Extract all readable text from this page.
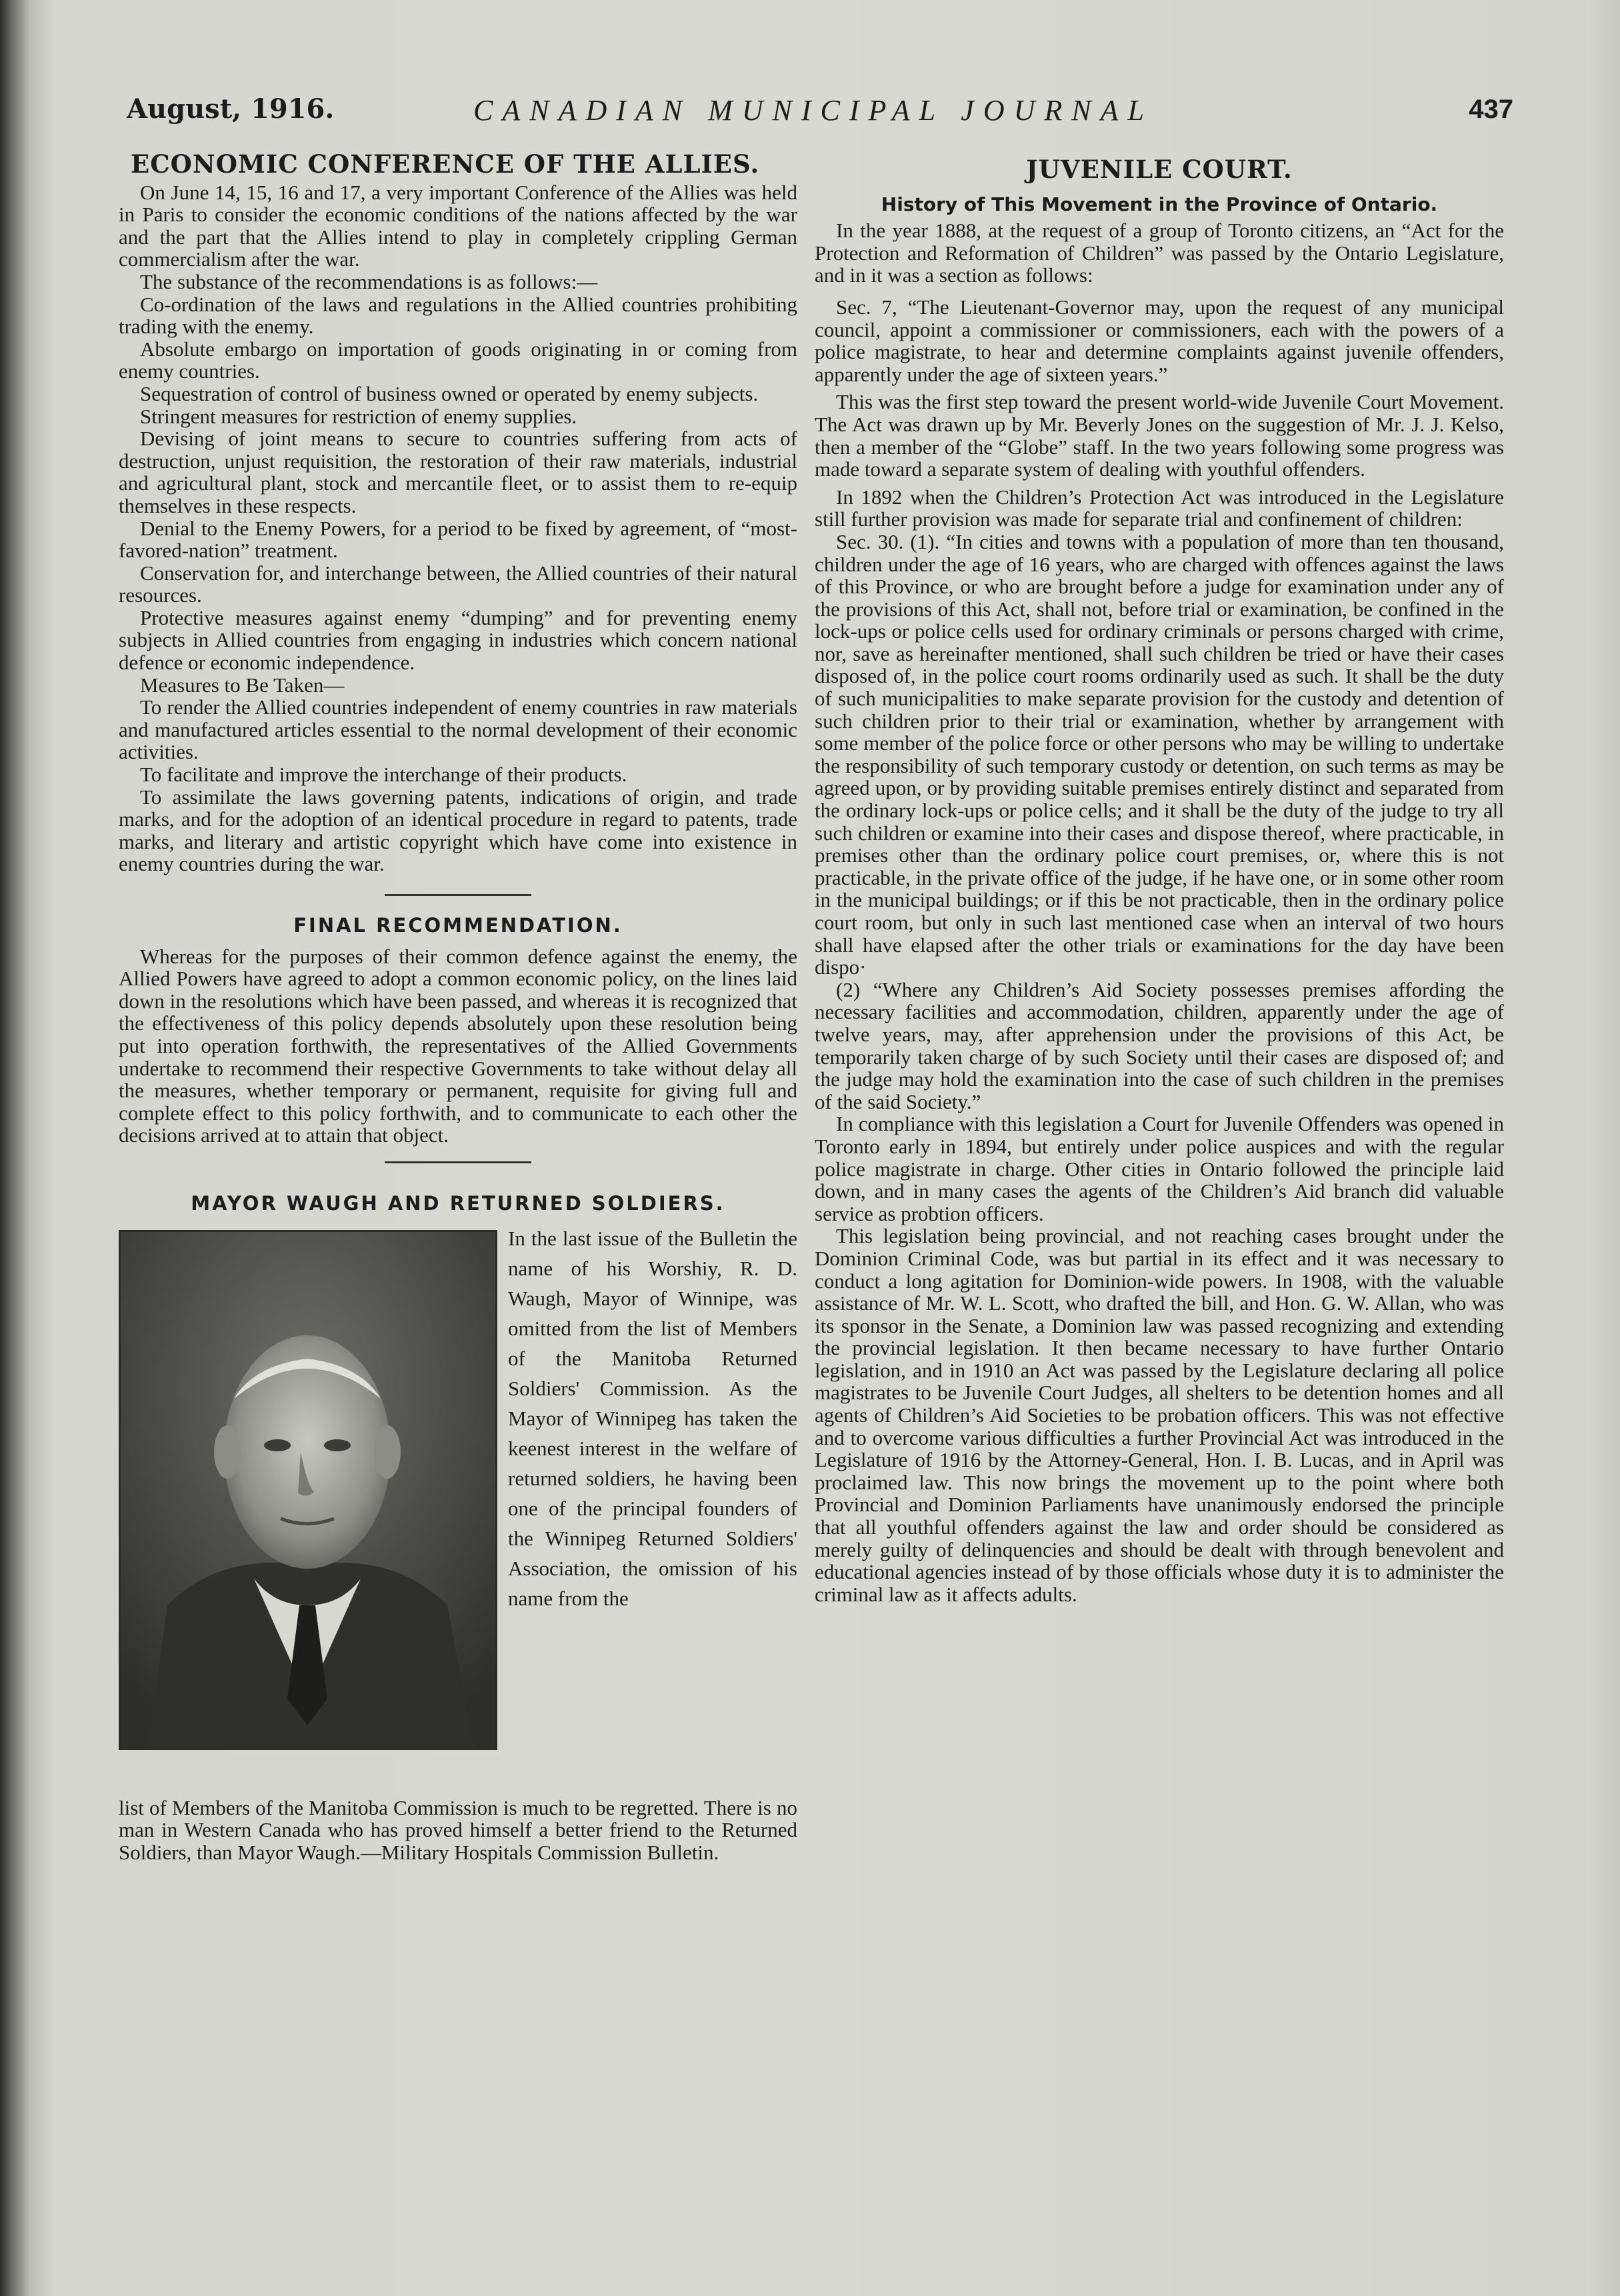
August, 1916.	CANADIAN MUNICIPAL JOURNAL	437
ECONOMIC CONFERENCE OF THE ALLIES.

On June 14, 15, 16 and 17, a very important Conference of the Allies was held in Paris to consider the economic conditions of the nations affected by the war and the part that the Allies intend to play in completely crippling German commercialism after the war.

The substance of the recommendations is as follows:—

Co-ordination of the laws and regulations in the Allied countries prohibiting trading with the enemy.

Absolute embargo on importation of goods originating in or coming from enemy countries.

Sequestration of control of business owned or operated by enemy subjects.

Stringent measures for restriction of enemy supplies.

Devising of joint means to secure to countries suffering from acts of destruction, unjust requisition, the restoration of their raw materials, industrial and agricultural plant, stock and mercantile fleet, or to assist them to re-equip themselves in these respects.

Denial to the Enemy Powers, for a period to be fixed by agreement, of “most-favored-nation” treatment.

Conservation for, and interchange between, the Allied countries of their natural resources.

Protective measures against enemy “dumping” and for preventing enemy subjects in Allied countries from engaging in industries which concern national defence or economic independence.

Measures to Be Taken—

To render the Allied countries independent of enemy countries in raw materials and manufactured articles essential to the normal development of their economic activities.

To facilitate and improve the interchange of their products.

To assimilate the laws governing patents, indications of origin, and trade marks, and for the adoption of an identical procedure in regard to patents, trade marks, and literary and artistic copyright which have come into existence in enemy countries during the war.

FINAL RECOMMENDATION.

Whereas for the purposes of their common defence against the enemy, the Allied Powers have agreed to adopt a common economic policy, on the lines laid down in the resolutions which have been passed, and whereas it is recognized that the effectiveness of this policy depends absolutely upon these resolution being put into operation forthwith, the representatives of the Allied Governments undertake to recommend their respective Governments to take without delay all the measures, whether temporary or permanent, requisite for giving full and complete effect to this policy forthwith, and to communicate to each other the decisions arrived at to attain that object.

MAYOR WAUGH AND RETURNED SOLDIERS.
In the last issue of the Bulletin the name of his Worshiy, R. D. Waugh, Mayor of Winnipe, was omitted from the list of Members of the Manitoba Returned Soldiers' Commission. As the Mayor of Winnipeg has taken the keenest interest in the welfare of returned soldiers, he having been one of the principal founders of the Winnipeg Returned Soldiers' Association, the omission of his name from the

list of Members of the Manitoba Commission is much to be regretted. There is no man in Western Canada who has proved himself a better friend to the Returned Soldiers, than Mayor Waugh.—Military Hospitals Commission Bulletin.

JUVENILE COURT.
History of This Movement in the Province of Ontario.

In the year 1888, at the request of a group of Toronto citizens, an “Act for the Protection and Reformation of Children” was passed by the Ontario Legislature, and in it was a section as follows:

Sec. 7, “The Lieutenant-Governor may, upon the request of any municipal council, appoint a commissioner or commissioners, each with the powers of a police magistrate, to hear and determine complaints against juvenile offenders, apparently under the age of sixteen years.”

This was the first step toward the present world-wide Juvenile Court Movement. The Act was drawn up by Mr. Beverly Jones on the suggestion of Mr. J. J. Kelso, then a member of the “Globe” staff. In the two years following some progress was made toward a separate system of dealing with youthful offenders.

In 1892 when the Children’s Protection Act was introduced in the Legislature still further provision was made for separate trial and confinement of children:

Sec. 30. (1). “In cities and towns with a population of more than ten thousand, children under the age of 16 years, who are charged with offences against the laws of this Province, or who are brought before a judge for examination under any of the provisions of this Act, shall not, before trial or examination, be confined in the lock-ups or police cells used for ordinary criminals or persons charged with crime, nor, save as hereinafter mentioned, shall such children be tried or have their cases disposed of, in the police court rooms ordinarily used as such. It shall be the duty of such municipalities to make separate provision for the custody and detention of such children prior to their trial or examination, whether by arrangement with some member of the police force or other persons who may be willing to undertake the responsibility of such temporary custody or detention, on such terms as may be agreed upon, or by providing suitable premises entirely distinct and separated from the ordinary lock-ups or police cells; and it shall be the duty of the judge to try all such children or examine into their cases and dispose thereof, where practicable, in premises other than the ordinary police court premises, or, where this is not practicable, in the private office of the judge, if he have one, or in some other room in the municipal buildings; or if this be not practicable, then in the ordinary police court room, but only in such last mentioned case when an interval of two hours shall have elapsed after the other trials or examinations for the day have been dispo·

(2) “Where any Children’s Aid Society possesses premises affording the necessary facilities and accommodation, children, apparently under the age of twelve years, may, after apprehension under the provisions of this Act, be temporarily taken charge of by such Society until their cases are disposed of; and the judge may hold the examination into the case of such children in the premises of the said Society.”

In compliance with this legislation a Court for Juvenile Offenders was opened in Toronto early in 1894, but entirely under police auspices and with the regular police magistrate in charge. Other cities in Ontario followed the principle laid down, and in many cases the agents of the Children’s Aid branch did valuable service as probtion officers.

This legislation being provincial, and not reaching cases brought under the Dominion Criminal Code, was but partial in its effect and it was necessary to conduct a long agitation for Dominion-wide powers. In 1908, with the valuable assistance of Mr. W. L. Scott, who drafted the bill, and Hon. G. W. Allan, who was its sponsor in the Senate, a Dominion law was passed recognizing and extending the provincial legislation. It then became necessary to have further Ontario legislation, and in 1910 an Act was passed by the Legislature declaring all police magistrates to be Juvenile Court Judges, all shelters to be detention homes and all agents of Children’s Aid Societies to be probation officers. This was not effective and to overcome various difficulties a further Provincial Act was introduced in the Legislature of 1916 by the Attorney-General, Hon. I. B. Lucas, and in April was proclaimed law. This now brings the movement up to the point where both Provincial and Dominion Parliaments have unanimously endorsed the principle that all youthful offenders against the law and order should be considered as merely guilty of delinquencies and should be dealt with through benevolent and educational agencies instead of by those officials whose duty it is to administer the criminal law as it affects adults.
